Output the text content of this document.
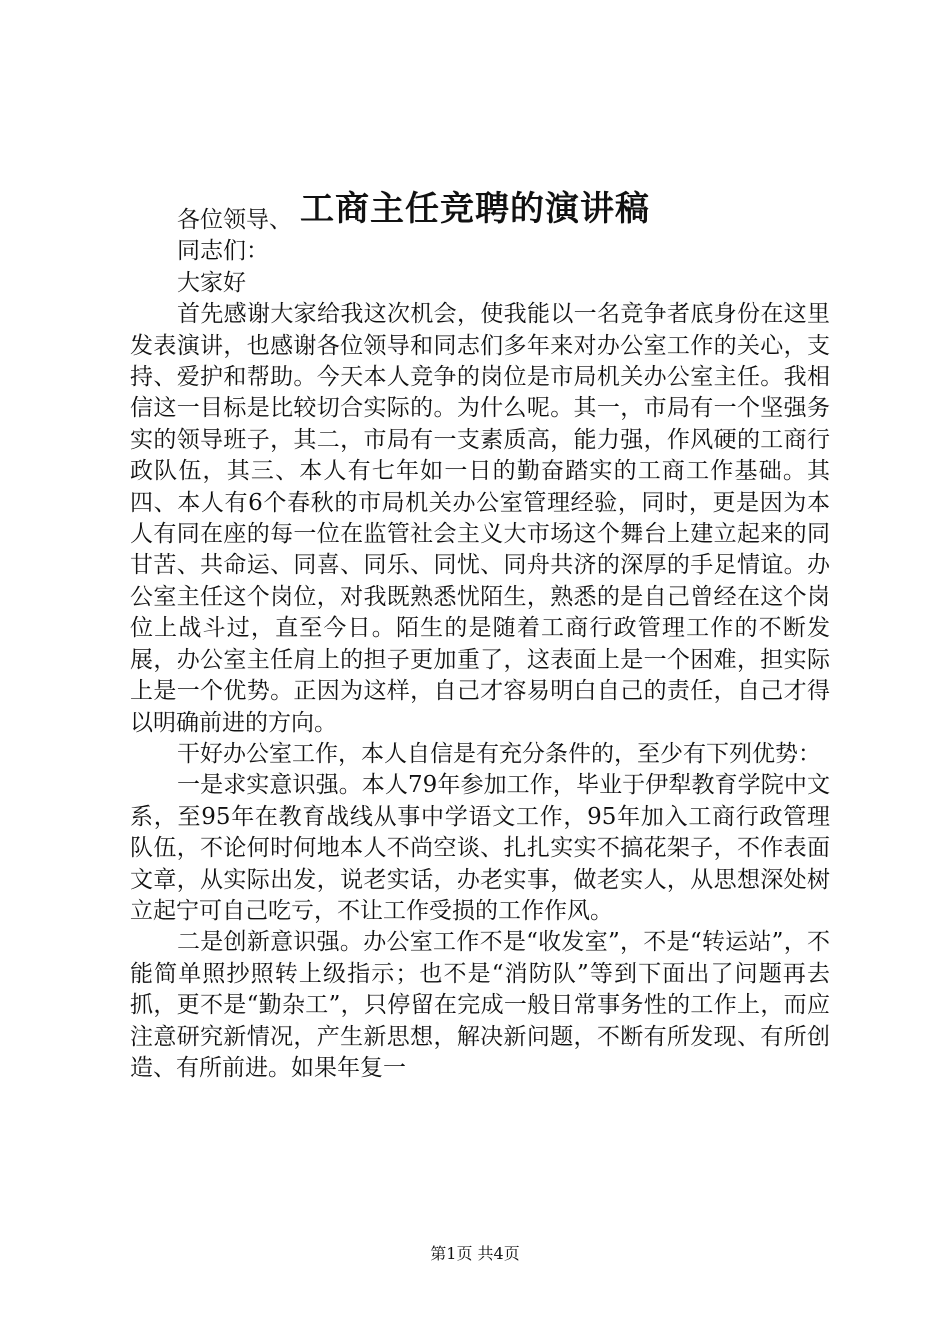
工商主任竞聘的演讲稿

各位领导、

同志们：

大家好

首先感谢大家给我这次机会，使我能以一名竞争者底身份在这里发表演讲，也感谢各位领导和同志们多年来对办公室工作的关心，支持、爱护和帮助。今天本人竞争的岗位是市局机关办公室主任。我相信这一目标是比较切合实际的。为什么呢。其一，市局有一个坚强务实的领导班子，其二，市局有一支素质高，能力强，作风硬的工商行政队伍，其三、本人有七年如一日的勤奋踏实的工商工作基础。其四、本人有6个春秋的市局机关办公室管理经验，同时，更是因为本人有同在座的每一位在监管社会主义大市场这个舞台上建立起来的同甘苦、共命运、同喜、同乐、同忧、同舟共济的深厚的手足情谊。办公室主任这个岗位，对我既熟悉忧陌生，熟悉的是自己曾经在这个岗位上战斗过，直至今日。陌生的是随着工商行政管理工作的不断发展，办公室主任肩上的担子更加重了，这表面上是一个困难，担实际上是一个优势。正因为这样，自己才容易明白自己的责任，自己才得以明确前进的方向。

干好办公室工作，本人自信是有充分条件的，至少有下列优势：

一是求实意识强。本人79年参加工作，毕业于伊犁教育学院中文系，至95年在教育战线从事中学语文工作，95年加入工商行政管理队伍，不论何时何地本人不尚空谈、扎扎实实不搞花架子，不作表面文章，从实际出发，说老实话，办老实事，做老实人，从思想深处树立起宁可自己吃亏，不让工作受损的工作作风。

二是创新意识强。办公室工作不是“收发室”，不是“转运站”，不能简单照抄照转上级指示；也不是“消防队”等到下面出了问题再去抓，更不是“勤杂工”，只停留在完成一般日常事务性的工作上，而应注意研究新情况，产生新思想，解决新问题，不断有所发现、有所创造、有所前进。如果年复一

第1页 共4页
